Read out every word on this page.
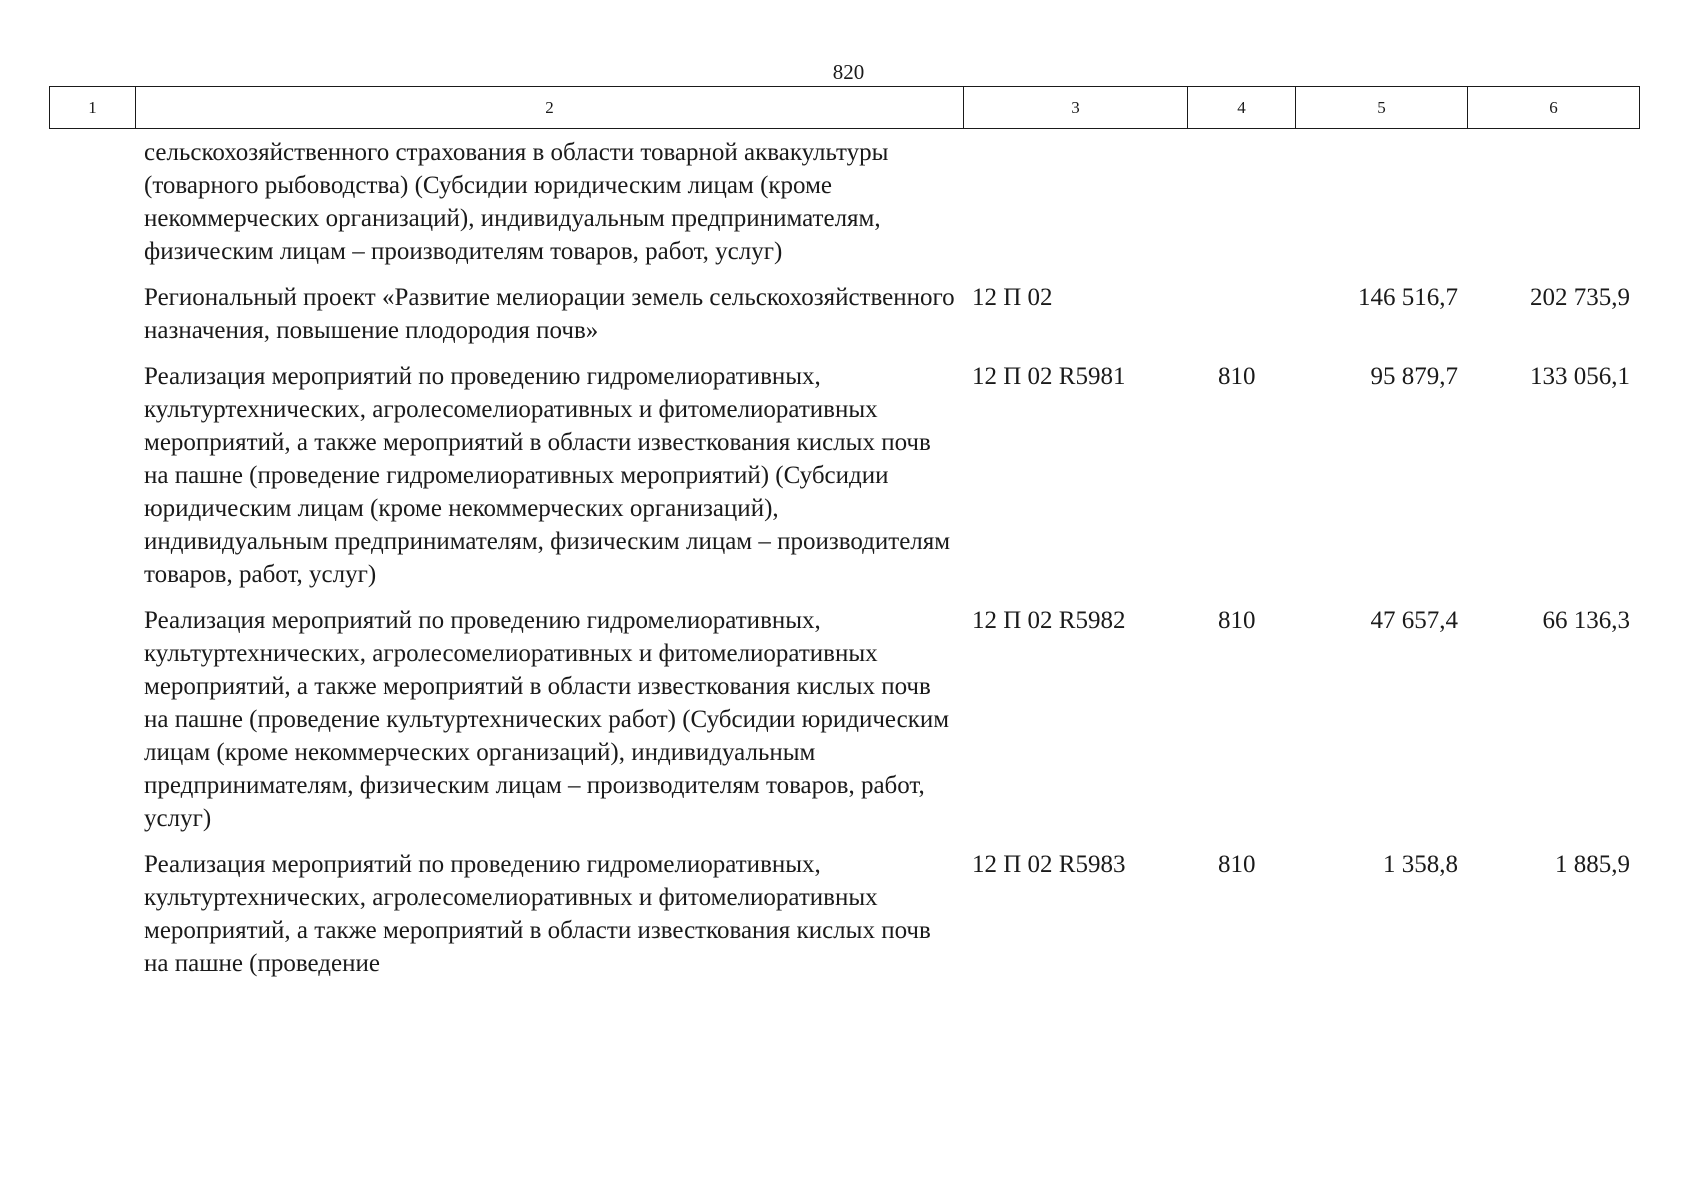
820
1	2	3	4	5	6
	сельскохозяйственного страхования в области товарной аквакультуры (товарного рыбоводства) (Субсидии юридическим лицам (кроме некоммерческих организаций), индивидуальным предпринимателям, физическим лицам – производителям товаров, работ, услуг)				
	Региональный проект «Развитие мелиорации земель сельскохозяйственного назначения, повышение плодородия почв»	12 П 02		146 516,7	202 735,9
	Реализация мероприятий по проведению гидромелиоративных, культуртехнических, агролесомелиоративных и фитомелиоративных мероприятий, а также мероприятий в области известкования кислых почв на пашне (проведение гидромелиоративных мероприятий) (Субсидии юридическим лицам (кроме некоммерческих организаций), индивидуальным предпринимателям, физическим лицам – производителям товаров, работ, услуг)	12 П 02 R5981	810	95 879,7	133 056,1
	Реализация мероприятий по проведению гидромелиоративных, культуртехнических, агролесомелиоративных и фитомелиоративных мероприятий, а также мероприятий в области известкования кислых почв на пашне (проведение культуртехнических работ) (Субсидии юридическим лицам (кроме некоммерческих организаций), индивидуальным предпринимателям, физическим лицам – производителям товаров, работ, услуг)	12 П 02 R5982	810	47 657,4	66 136,3
	Реализация мероприятий по проведению гидромелиоративных, культуртехнических, агролесомелиоративных и фитомелиоративных мероприятий, а также мероприятий в области известкования кислых почв на пашне (проведение	12 П 02 R5983	810	1 358,8	1 885,9
